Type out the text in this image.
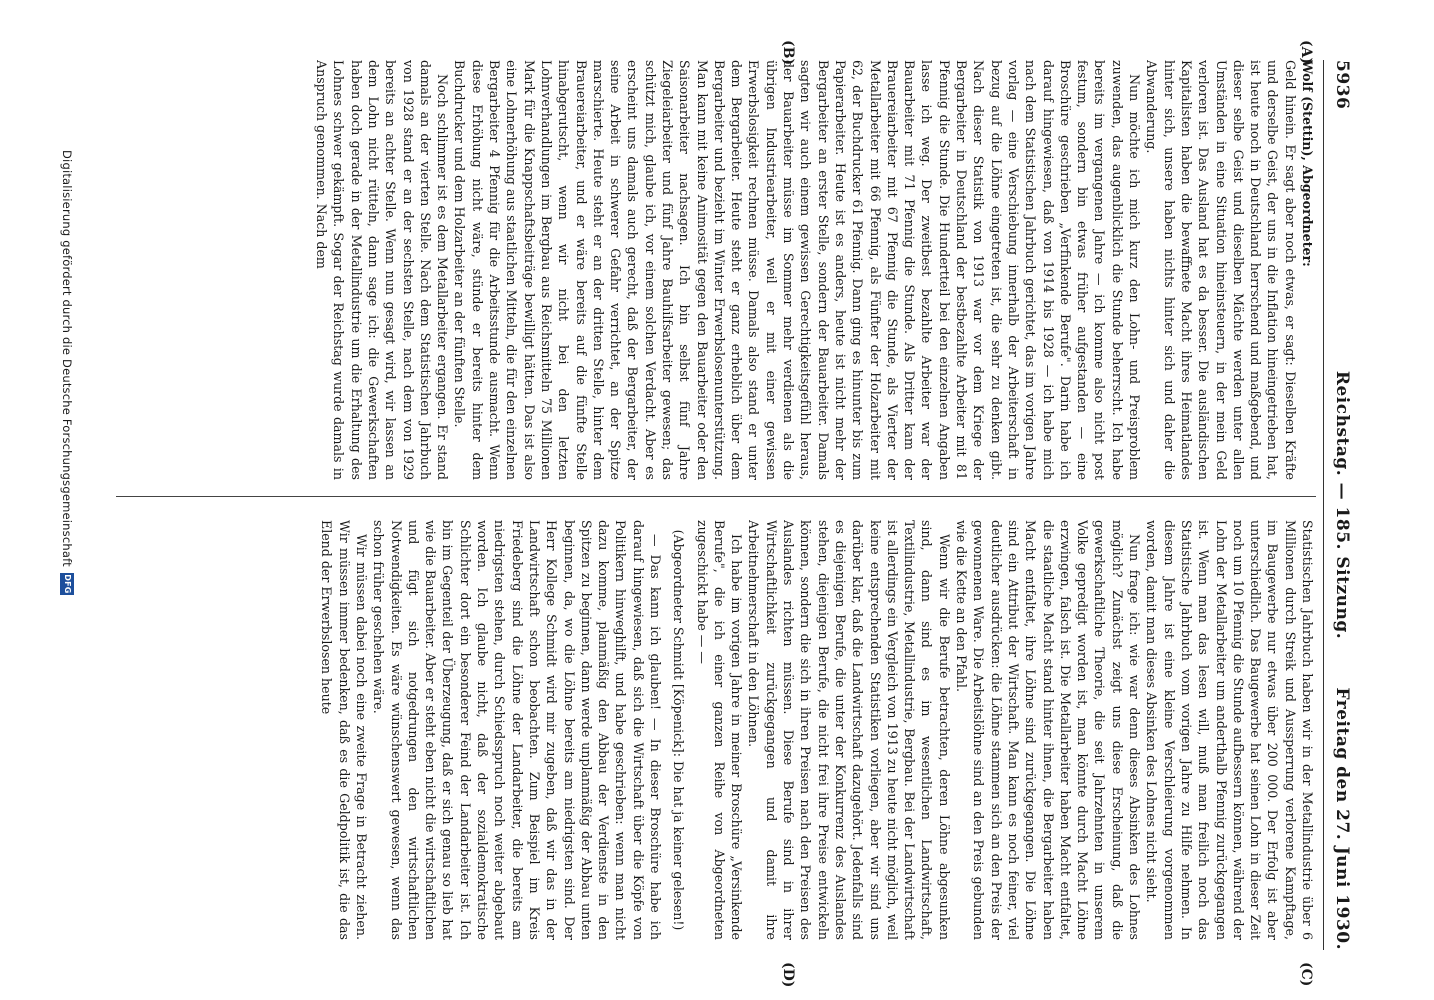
5936
Reichstag. — 185. Sitzung.
Freitag den 27. Juni 1930.
(A)
(B)
(C)
(D)

Wolf (Stettin), Abgeordneter:

Geld hinein. Er sagt aber noch etwas, er sagt: Dieselben Kräfte und derselbe Geist, der uns in die Inflation hineingetrieben hat, ist heute noch in Deutschland herrschend und maßgebend, und dieser selbe Geist und dieselben Mächte werden unter allen Umständen in eine Situation hineinsteuern, in der mein Geld verloren ist. Das Ausland hat es da besser. Die ausländischen Kapitalisten haben die bewaffnete Macht ihres Heimatlandes hinter sich, unsere haben nichts hinter sich und daher die Abwanderung.

Nun möchte ich mich kurz den Lohn- und Preisproblem zuwenden, das augenblicklich die Stunde beherrscht. Ich habe bereits im vergangenen Jahre — ich komme also nicht post festum, sondern bin etwas früher aufgestanden — eine Broschüre geschrieben „Verfinkende Berufe". Darin habe ich darauf hingewiesen, daß von 1914 bis 1928 — ich habe mich nach dem Statistischen Jahrbuch gerichtet, das im vorigen Jahre vorlag — eine Verschiebung innerhalb der Arbeiterschaft in bezug auf die Löhne eingetreten ist, die sehr zu denken gibt. Nach dieser Statistik von 1913 war vor dem Kriege der Bergarbeiter in Deutschland der bestbezahlte Arbeiter mit 81 Pfennig die Stunde. Die Hundertteil bei den einzelnen Angaben lasse ich weg. Der zweitbest bezahlte Arbeiter war der Bauarbeiter mit 71 Pfennig die Stunde. Als Dritter kam der Brauereiarbeiter mit 67 Pfennig die Stunde, als Vierter der Metallarbeiter mit 66 Pfennig, als Fünfter der Holzarbeiter mit 62, der Buchdrucker 61 Pfennig. Dann ging es hinunter bis zum Papierarbeiter. Heute ist es anders, heute ist nicht mehr der Bergarbeiter an erster Stelle, sondern der Bauarbeiter. Damals sagten wir auch einem gewissen Gerechtigkeitsgefühl heraus, der Bauarbeiter müsse im Sommer mehr verdienen als die übrigen Industriearbeiter, weil er mit einer gewissen Erwerbslosigkeit rechnen müsse. Damals also stand er unter dem Bergarbeiter. Heute steht er ganz erheblich über dem Bergarbeiter und bezieht im Winter Erwerbslosenunterstützung. Man kann mit keine Animosität gegen den Bauarbeiter oder den Saisonarbeiter nachsagen. Ich bin selbst fünf Jahre Ziegeleiarbeiter und fünf Jahre Bauhilfsarbeiter gewesen; das schützt mich, glaube ich, vor einem solchen Verdacht. Aber es erscheint uns damals auch gerecht, daß der Bergarbeiter, der seine Arbeit in schwerer Gefahr verrichtet, an der Spitze marschierte. Heute steht er an der dritten Stelle, hinter dem Brauereiarbeiter, und er wäre bereits auf die fünfte Stelle hinabgerutscht, wenn wir nicht bei den letzten Lohnverhandlungen im Bergbau aus Reichsmitteln 75 Millionen Mark für die Knappschaftsbeiträge bewilligt hätten. Das ist also eine Lohnerhöhung aus staatlichen Mitteln, die für den einzelnen Bergarbeiter 4 Pfennig für die Arbeitsstunde ausmacht. Wenn diese Erhöhung nicht wäre, stünde er bereits hinter dem Buchdrucker und dem Holzarbeiter an der fünften Stelle.

Noch schlimmer ist es dem Metallarbeiter ergangen. Er stand damals an der vierten Stelle. Nach dem Statistischen Jahrbuch von 1928 stand er an der sechsten Stelle, nach dem von 1929 bereits an achter Stelle. Wenn nun gesagt wird, wir lassen an dem Lohn nicht rütteln, dann sage ich: die Gewerkschaften haben doch gerade in der Metallindustrie um die Erhaltung des Lohnes schwer gekämpft. Sogar der Reichstag wurde damals in Anspruch genommen. Nach dem

Statistischen Jahrbuch haben wir in der Metallindustrie über 6 Millionen durch Streik und Aussperrung verlorene Kampftage, im Baugewerbe nur etwas über 200 000. Der Erfolg ist aber unterschiedlich. Das Baugewerbe hat seinen Lohn in dieser Zeit noch um 10 Pfennig die Stunde aufbessern können, während der Lohn der Metallarbeiter um anderthalb Pfennig zurückgegangen ist. Wenn man das lesen will, muß man freilich noch das Statistische Jahrbuch vom vorigen Jahre zu Hilfe nehmen. In diesem Jahre ist eine kleine Verschleierung vorgenommen worden, damit man dieses Absinken des Lohnes nicht sieht.

Nun frage ich: wie war denn dieses Absinken des Lohnes möglich? Zunächst zeigt uns diese Erscheinung, daß die gewerkschaftliche Theorie, die seit Jahrzehnten in unserem Volke gepredigt worden ist, man könnte durch Macht Löhne erzwingen, falsch ist. Die Metallarbeiter haben Macht entfaltet, die staatliche Macht stand hinter ihnen, die Bergarbeiter haben Macht entfaltet, ihre Löhne sind zurückgegangen. Die Löhne sind ein Attribut der Wirtschaft. Man kann es noch feiner, viel deutlicher ausdrücken: die Löhne stammen sich an den Preis der gewonnenen Ware. Die Arbeitslöhne sind an den Preis gebunden wie die Kette an den Pfahl.

Wenn wir die Berufe betrachten, deren Löhne abgesunken sind, dann sind es im wesentlichen Landwirtschaft, Textilindustrie, Metallindustrie, Bergbau. Bei der Landwirtschaft ist allerdings ein Vergleich von 1913 zu heute nicht möglich, weil keine entsprechenden Statistiken vorliegen, aber wir sind uns darüber klar, daß die Landwirtschaft dazugehört. Jedenfalls sind es diejenigen Berufe, die unter der Konkurrenz des Auslandes stehen, diejenigen Berufe, die nicht frei ihre Preise entwickeln können, sondern die sich in ihren Preisen nach den Preisen des Auslandes richten müssen. Diese Berufe sind in ihrer Wirtschaftlichkeit zurückgegangen und damit ihre Arbeitnehmerschaft in den Löhnen.

Ich habe im vorigen Jahre in meiner Broschüre „Versinkende Berufe", die ich einer ganzen Reihe von Abgeordneten zugeschickt habe — —

(Abgeordneter Schmidt [Köpenick]: Die hat ja keiner gelesen!)

— Das kann ich glauben! — In dieser Broschüre habe ich darauf hingewiesen, daß sich die Wirtschaft über die Köpfe von Politikern hinweghilft, und habe geschrieben: wenn man nicht dazu komme, planmäßig den Abbau der Verdienste in den Spitzen zu beginnen, dann werde unplanmäßig der Abbau unten beginnen, da, wo die Löhne bereits am niedrigsten sind. Der Herr Kollege Schmidt wird mir zugeben, daß wir das in der Landwirtschaft schon beobachten. Zum Beispiel im Kreis Friedeberg sind die Löhne der Landarbeiter, die bereits am niedrigsten stehen, durch Schiedsspruch noch weiter abgebaut worden. Ich glaube nicht, daß der sozialdemokratische Schlichter dort ein besonderer Feind der Landarbeiter ist. Ich bin im Gegenteil der Überzeugung, daß er sich genau so lieb hat wie die Bauarbeiter. Aber er steht eben nicht die wirtschaftlichen und fügt sich notgedrungen den wirtschaftlichen Notwendigkeiten. Es wäre wünschenswert gewesen, wenn das schon früher geschehen wäre.

Wir müssen dabei noch eine zweite Frage in Betracht ziehen. Wir müssen immer bedenken, daß es die Geldpolitik ist, die das Elend der Erwerbslosen heute

Digitalisierung gefördert durch die Deutsche Forschungsgemeinschaft
DFG
